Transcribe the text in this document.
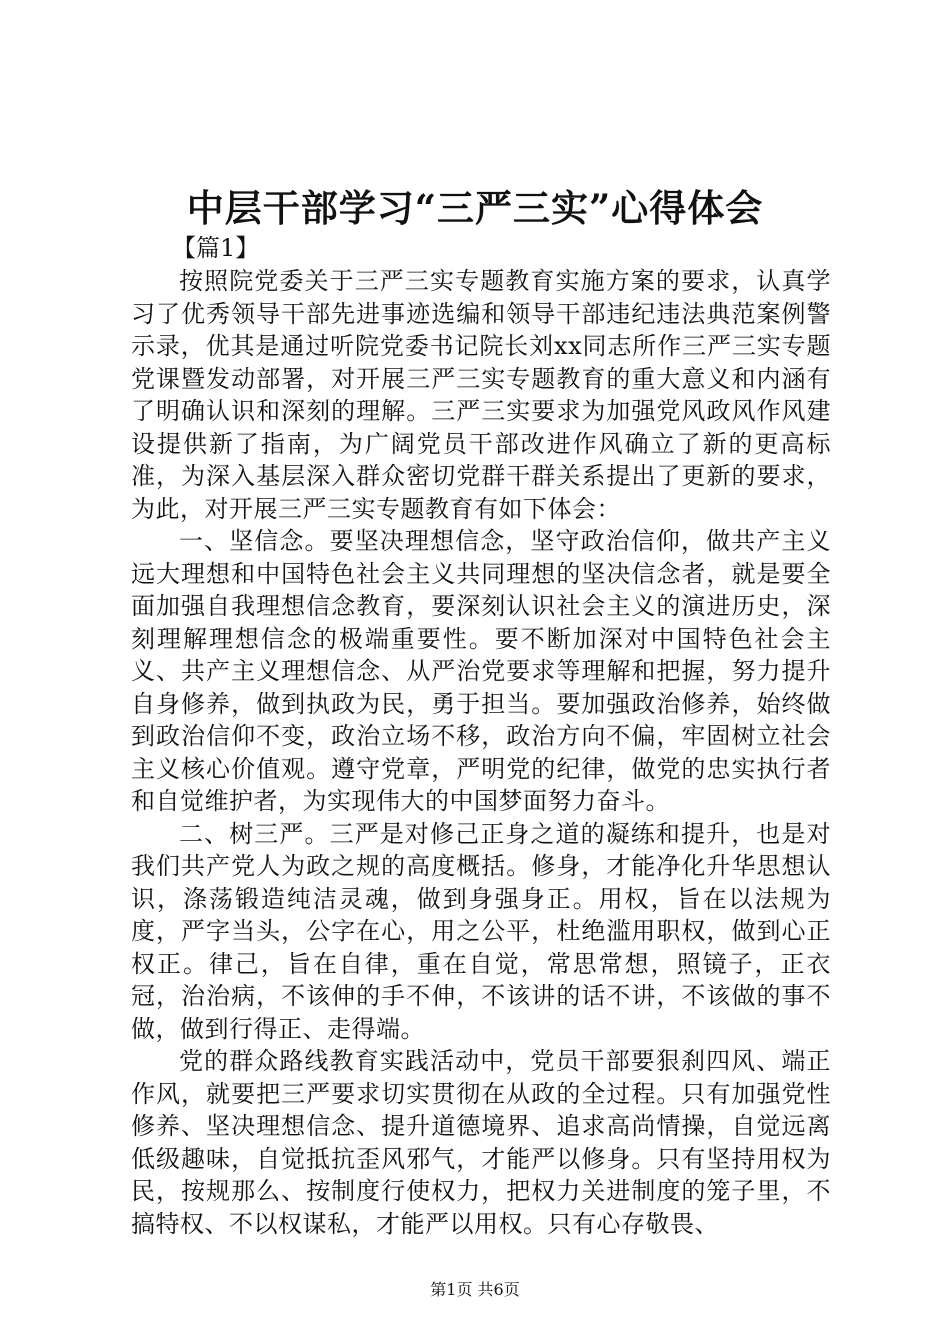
中层干部学习“三严三实”心得体会
【篇1】

按照院党委关于三严三实专题教育实施方案的要求，认真学习了优秀领导干部先进事迹选编和领导干部违纪违法典范案例警示录，优其是通过听院党委书记院长刘xx同志所作三严三实专题党课暨发动部署，对开展三严三实专题教育的重大意义和内涵有了明确认识和深刻的理解。三严三实要求为加强党风政风作风建设提供新了指南，为广阔党员干部改进作风确立了新的更高标准，为深入基层深入群众密切党群干群关系提出了更新的要求，为此，对开展三严三实专题教育有如下体会：

一、坚信念。要坚决理想信念，坚守政治信仰，做共产主义远大理想和中国特色社会主义共同理想的坚决信念者，就是要全面加强自我理想信念教育，要深刻认识社会主义的演进历史，深刻理解理想信念的极端重要性。要不断加深对中国特色社会主义、共产主义理想信念、从严治党要求等理解和把握，努力提升自身修养，做到执政为民，勇于担当。要加强政治修养，始终做到政治信仰不变，政治立场不移，政治方向不偏，牢固树立社会主义核心价值观。遵守党章，严明党的纪律，做党的忠实执行者和自觉维护者，为实现伟大的中国梦面努力奋斗。

二、树三严。三严是对修己正身之道的凝练和提升，也是对我们共产党人为政之规的高度概括。修身，才能净化升华思想认识，涤荡锻造纯洁灵魂，做到身强身正。用权，旨在以法规为度，严字当头，公字在心，用之公平，杜绝滥用职权，做到心正权正。律己，旨在自律，重在自觉，常思常想，照镜子，正衣冠，治治病，不该伸的手不伸，不该讲的话不讲，不该做的事不做，做到行得正、走得端。

党的群众路线教育实践活动中，党员干部要狠刹四风、端正作风，就要把三严要求切实贯彻在从政的全过程。只有加强党性修养、坚决理想信念、提升道德境界、追求高尚情操，自觉远离低级趣味，自觉抵抗歪风邪气，才能严以修身。只有坚持用权为民，按规那么、按制度行使权力，把权力关进制度的笼子里，不搞特权、不以权谋私，才能严以用权。只有心存敬畏、

第1页 共6页
